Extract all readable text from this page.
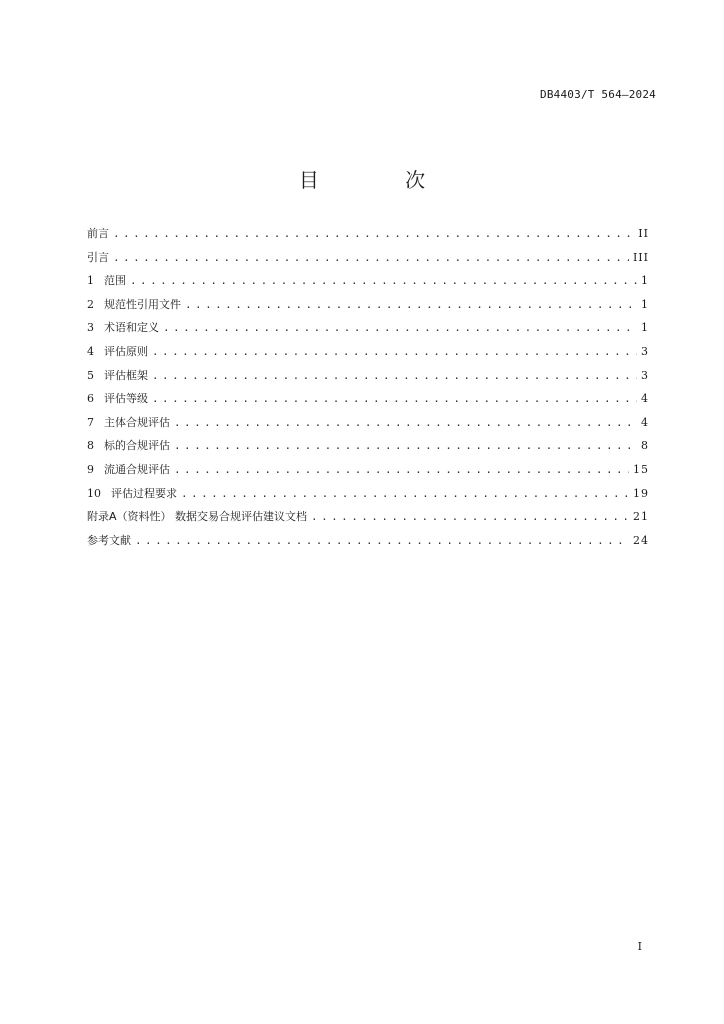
DB4403/T 564—2024
目 次
前言 . . .	II
引言 . . .	III
1 范围 . . .	1
2 规范性引用文件 . . .	1
3 术语和定义 . . .	1
4 评估原则 . . .	3
5 评估框架 . . .	3
6 评估等级 . . .	4
7 主体合规评估 . . .	4
8 标的合规评估 . . .	8
9 流通合规评估 . . .	15
10 评估过程要求 . . .	19
附录A（资料性） 数据交易合规评估建议文档 . . .	21
参考文献 . . .	24
I
